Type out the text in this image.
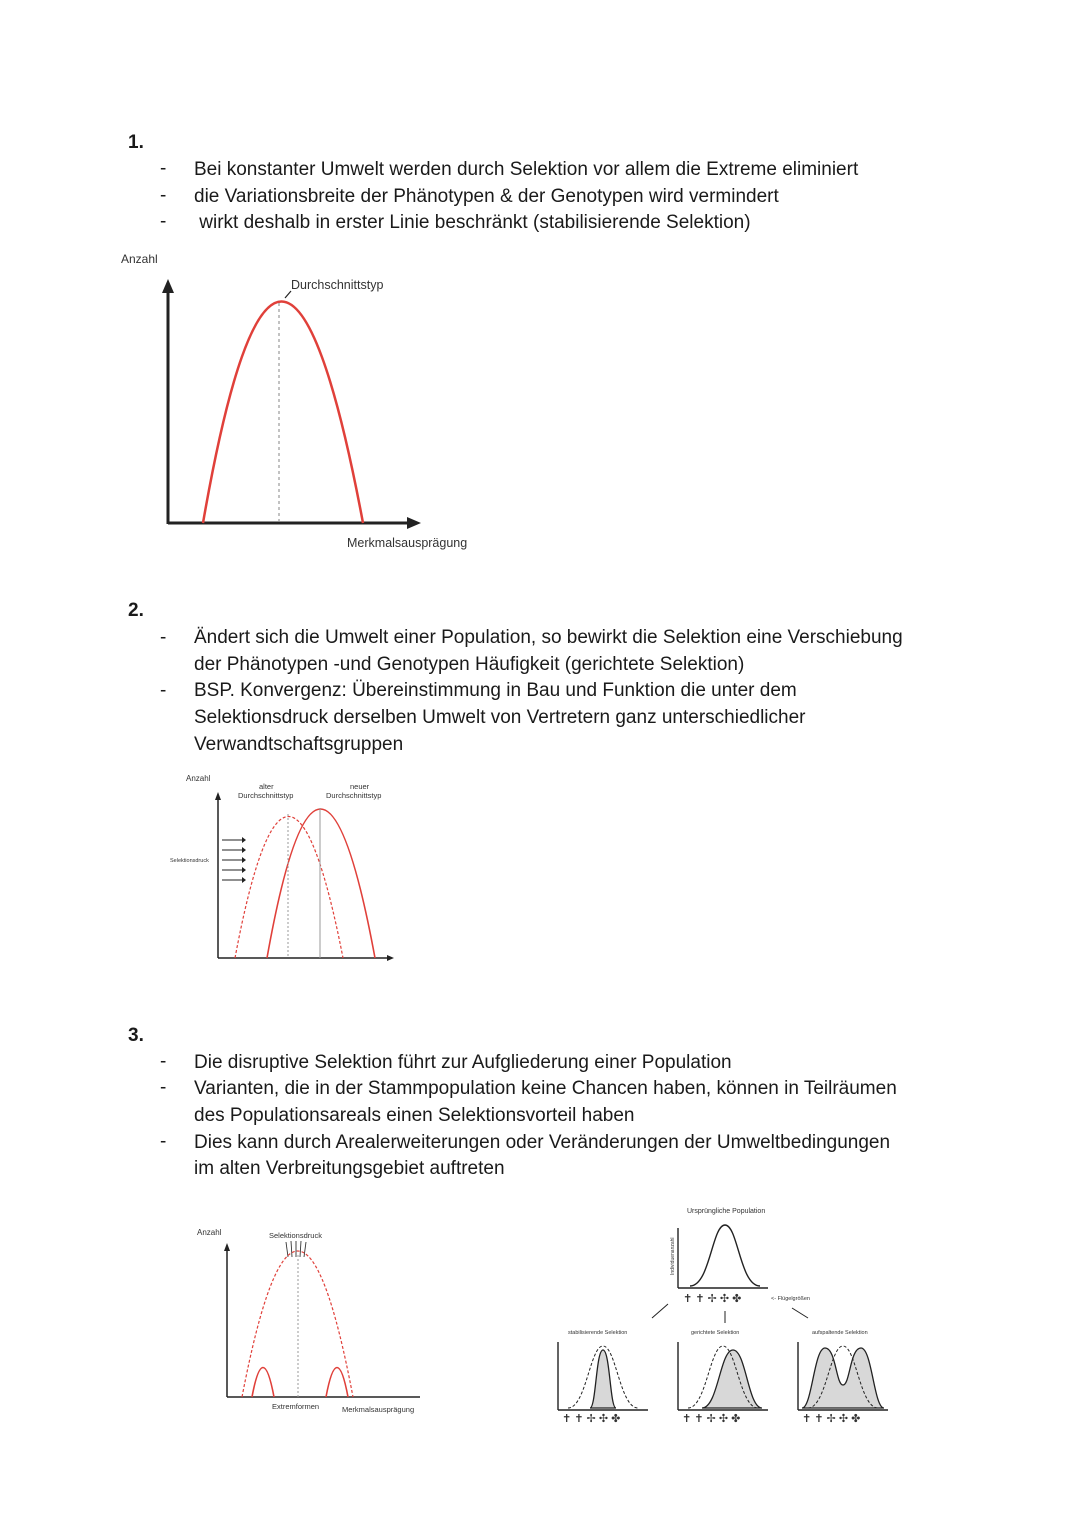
1.
-
-
-
Bei konstanter Umwelt werden durch Selektion vor allem die Extreme eliminiert
die Variationsbreite der Phänotypen & der Genotypen wird vermindert
wirkt deshalb in erster Linie beschränkt (stabilisierende Selektion)
Anzahl
Durchschnittstyp
Merkmalsausprägung
2.
-
-
Ändert sich die Umwelt einer Population, so bewirkt die Selektion eine Verschiebung
der Phänotypen -und Genotypen Häufigkeit (gerichtete Selektion)
BSP. Konvergenz: Übereinstimmung in Bau und Funktion die unter dem
Selektionsdruck derselben Umwelt von Vertretern ganz unterschiedlicher
Verwandtschaftsgruppen
Anzahl
alter
Durchschnittstyp
neuer
Durchschnittstyp
Selektionsdruck
3.
-
-
-
Die disruptive Selektion führt zur Aufgliederung einer Population
Varianten, die in der Stammpopulation keine Chancen haben, können in Teilräumen
des Populationsareals einen Selektionsvorteil haben
Dies kann durch Arealerweiterungen oder Veränderungen der Umweltbedingungen
im alten Verbreitungsgebiet auftreten
Anzahl	Selektionsdruck
Extremformen	Merkmalsausprägung
Ursprüngliche Population
Individuenanzahl
✝ ✝ ✢ ✣ ✤	<- Flügelgrößen
stabilisierende Selektion	gerichtete Selektion	aufspaltende Selektion
✝ ✝ ✢ ✣ ✤	✝ ✝ ✢ ✣ ✤	✝ ✝ ✢ ✣ ✤
